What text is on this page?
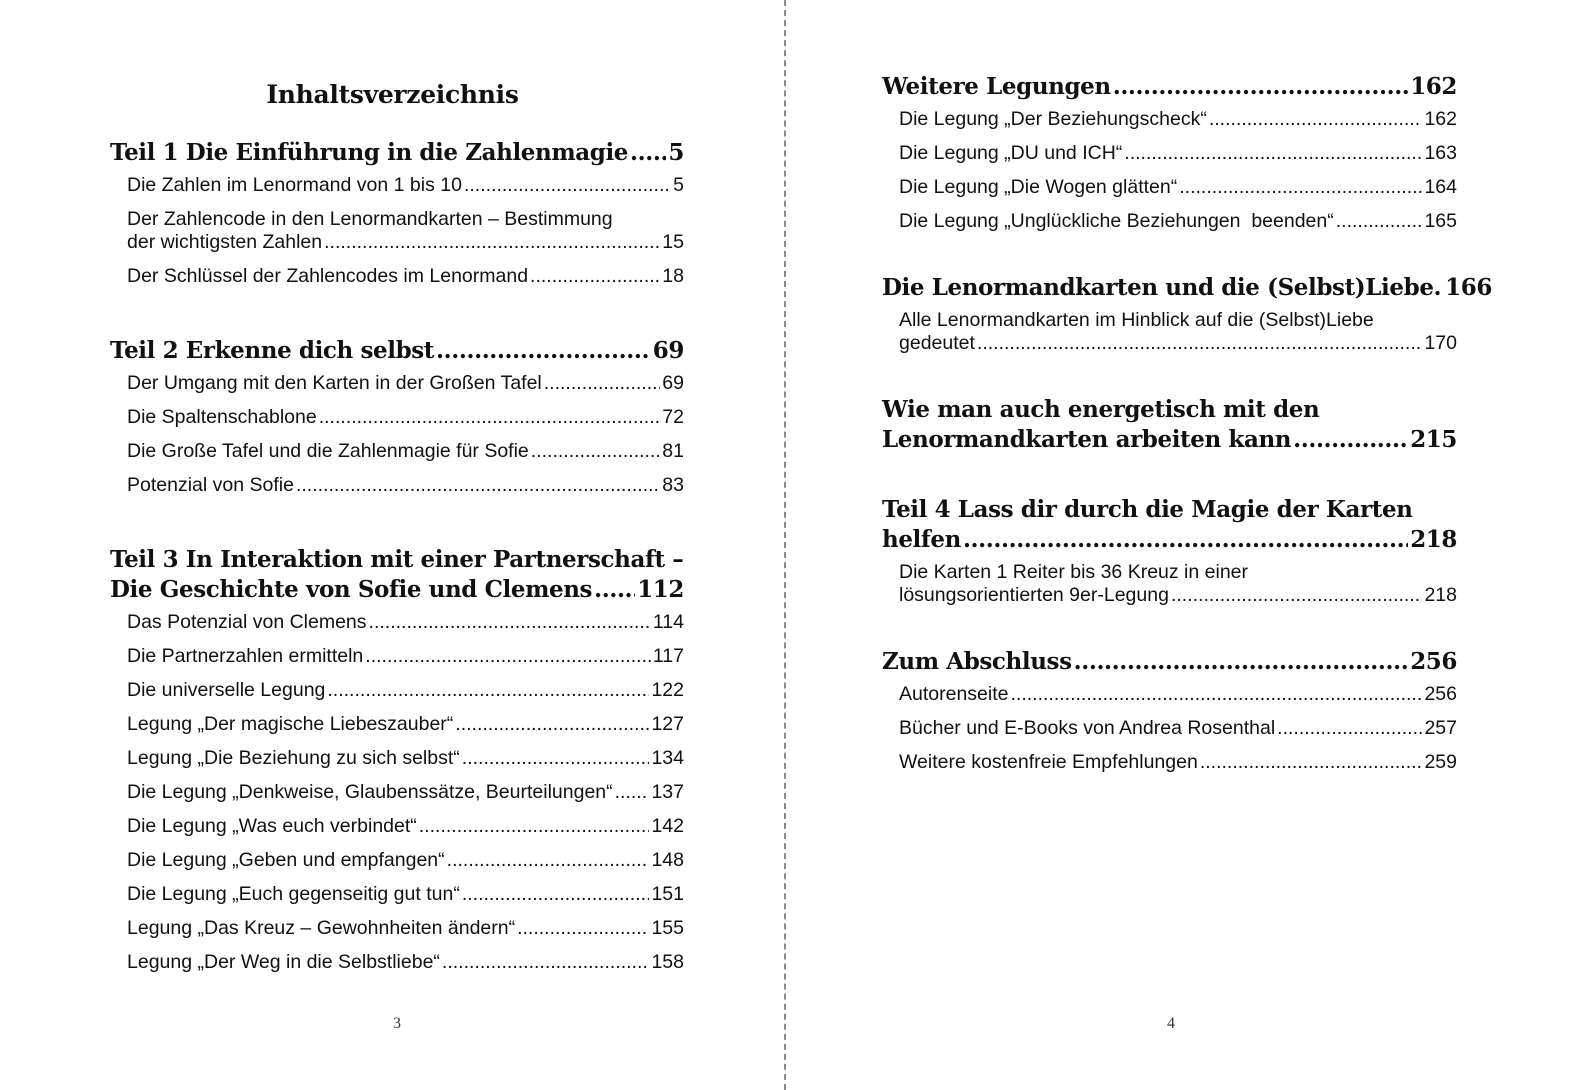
Inhaltsverzeichnis
Teil 1 Die Einführung in die Zahlenmagie ..... 5
Die Zahlen im Lenormand von 1 bis 10 .....	5
Der Zahlencode in den Lenormandkarten – Bestimmung
der wichtigsten Zahlen .....	15
Der Schlüssel der Zahlencodes im Lenormand .....	18
Teil 2 Erkenne dich selbst .....	69
Der Umgang mit den Karten in der Großen Tafel .....	69
Die Spaltenschablone .....	72
Die Große Tafel und die Zahlenmagie für Sofie .....	81
Potenzial von Sofie .....	83
Teil 3 In Interaktion mit einer Partnerschaft –
Die Geschichte von Sofie und Clemens ..... 112
Das Potenzial von Clemens .....	114
Die Partnerzahlen ermitteln .....	117
Die universelle Legung .....	122
Legung „Der magische Liebeszauber“ .....	127
Legung „Die Beziehung zu sich selbst“ .....	134
Die Legung „Denkweise, Glaubenssätze, Beurteilungen“ ..... 137
Die Legung „Was euch verbindet“ .....	142
Die Legung „Geben und empfangen“ .....	148
Die Legung „Euch gegenseitig gut tun“ .....	151
Legung „Das Kreuz – Gewohnheiten ändern“ .....	155
Legung „Der Weg in die Selbstliebe“ .....	158
3
Weitere Legungen .....	162
Die Legung „Der Beziehungscheck“ .....	162
Die Legung „DU und ICH“ .....	163
Die Legung „Die Wogen glätten“ .....	164
Die Legung „Unglückliche Beziehungen  beenden“ .....	165
Die Lenormandkarten und die (Selbst)Liebe. 166
Alle Lenormandkarten im Hinblick auf die (Selbst)Liebe
gedeutet .....	170
Wie man auch energetisch mit den
Lenormandkarten arbeiten kann .....	215
Teil 4 Lass dir durch die Magie der Karten
helfen .....	218
Die Karten 1 Reiter bis 36 Kreuz in einer
lösungsorientierten 9er-Legung .....	218
Zum Abschluss .....	256
Autorenseite .....	256
Bücher und E-Books von Andrea Rosenthal .....	257
Weitere kostenfreie Empfehlungen .....	259
4
